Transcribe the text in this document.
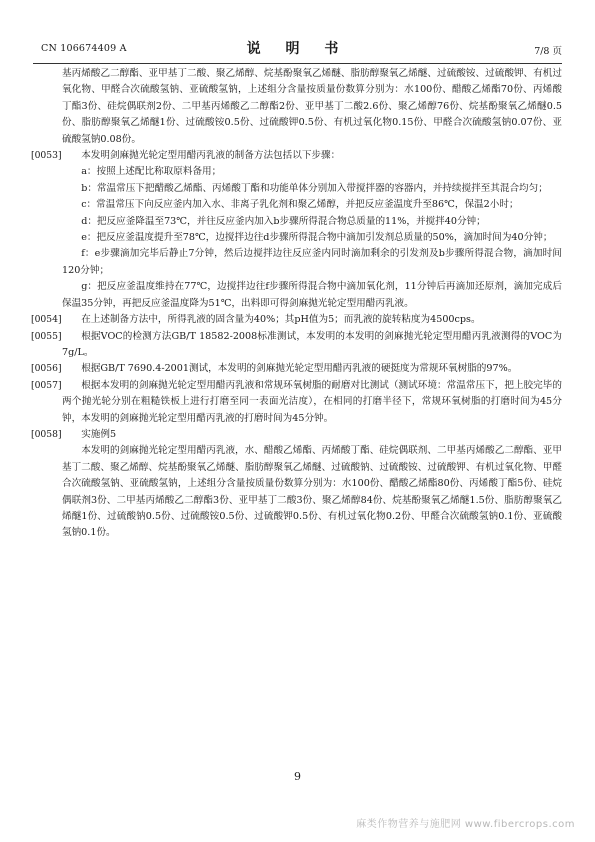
CN 106674409 A	说 明 书	7/8 页

基丙烯酸乙二醇酯、亚甲基丁二酸、聚乙烯醇、烷基酚聚氧乙烯醚、脂肪醇聚氧乙烯醚、过硫酸铵、过硫酸钾、有机过氧化物、甲醛合次硫酸氢钠、亚硫酸氢钠，上述组分含量按质量份数算分别为：水100份、醋酸乙烯酯70份、丙烯酸丁酯3份、硅烷偶联剂2份、二甲基丙烯酸乙二醇酯2份、亚甲基丁二酸2.6份、聚乙烯醇76份、烷基酚聚氧乙烯醚0.5份、脂肪醇聚氧乙烯醚1份、过硫酸铵0.5份、过硫酸钾0.5份、有机过氧化物0.15份、甲醛合次硫酸氢钠0.07份、亚硫酸氢钠0.08份。

[0053]	本发明剑麻抛光轮定型用醋丙乳液的制备方法包括以下步骤：

a：按照上述配比称取原料备用；

b：常温常压下把醋酸乙烯酯、丙烯酸丁酯和功能单体分别加入带搅拌器的容器内，并持续搅拌至其混合均匀；

c：常温常压下向反应釜内加入水、非离子乳化剂和聚乙烯醇，并把反应釜温度升至86℃，保温2小时；

d：把反应釜降温至73℃，并往反应釜内加入b步骤所得混合物总质量的11%，并搅拌40分钟；

e：把反应釜温度提升至78℃，边搅拌边往d步骤所得混合物中滴加引发剂总质量的50%，滴加时间为40分钟；

f：e步骤滴加完毕后静止7分钟，然后边搅拌边往反应釜内同时滴加剩余的引发剂及b步骤所得混合物，滴加时间120分钟；

g：把反应釜温度维持在77℃，边搅拌边往f步骤所得混合物中滴加氧化剂，11分钟后再滴加还原剂，滴加完成后保温35分钟，再把反应釜温度降为51℃，出料即可得剑麻抛光轮定型用醋丙乳液。

[0054]	在上述制备方法中，所得乳液的固含量为40%；其pH值为5；而乳液的旋转粘度为4500cps。

[0055]	根据VOC的检测方法GB/T 18582-2008标准测试，本发明的本发明的剑麻抛光轮定型用醋丙乳液测得的VOC为7g/L。

[0056]	根据GB/T 7690.4-2001测试，本发明的剑麻抛光轮定型用醋丙乳液的硬挺度为常规环氧树脂的97%。

[0057]	根据本发明的剑麻抛光轮定型用醋丙乳液和常规环氧树脂的耐磨对比测试（测试环境：常温常压下，把上胶完毕的两个抛光轮分别在粗糙铁板上进行打磨至同一表面光洁度），在相同的打磨半径下，常规环氧树脂的打磨时间为45分钟，本发明的剑麻抛光轮定型用醋丙乳液的打磨时间为45分钟。

[0058]	实施例5

本发明的剑麻抛光轮定型用醋丙乳液，水、醋酸乙烯酯、丙烯酸丁酯、硅烷偶联剂、二甲基丙烯酸乙二醇酯、亚甲基丁二酸、聚乙烯醇、烷基酚聚氧乙烯醚、脂肪醇聚氧乙烯醚、过硫酸钠、过硫酸铵、过硫酸钾、有机过氧化物、甲醛合次硫酸氢钠、亚硫酸氢钠，上述组分含量按质量份数算分别为：水100份、醋酸乙烯酯80份、丙烯酸丁酯5份、硅烷偶联剂3份、二甲基丙烯酸乙二醇酯3份、亚甲基丁二酸3份、聚乙烯醇84份、烷基酚聚氧乙烯醚1.5份、脂肪醇聚氧乙烯醚1份、过硫酸钠0.5份、过硫酸铵0.5份、过硫酸钾0.5份、有机过氧化物0.2份、甲醛合次硫酸氢钠0.1份、亚硫酸氢钠0.1份。

9
麻类作物营养与施肥网 www.fibercrops.com
